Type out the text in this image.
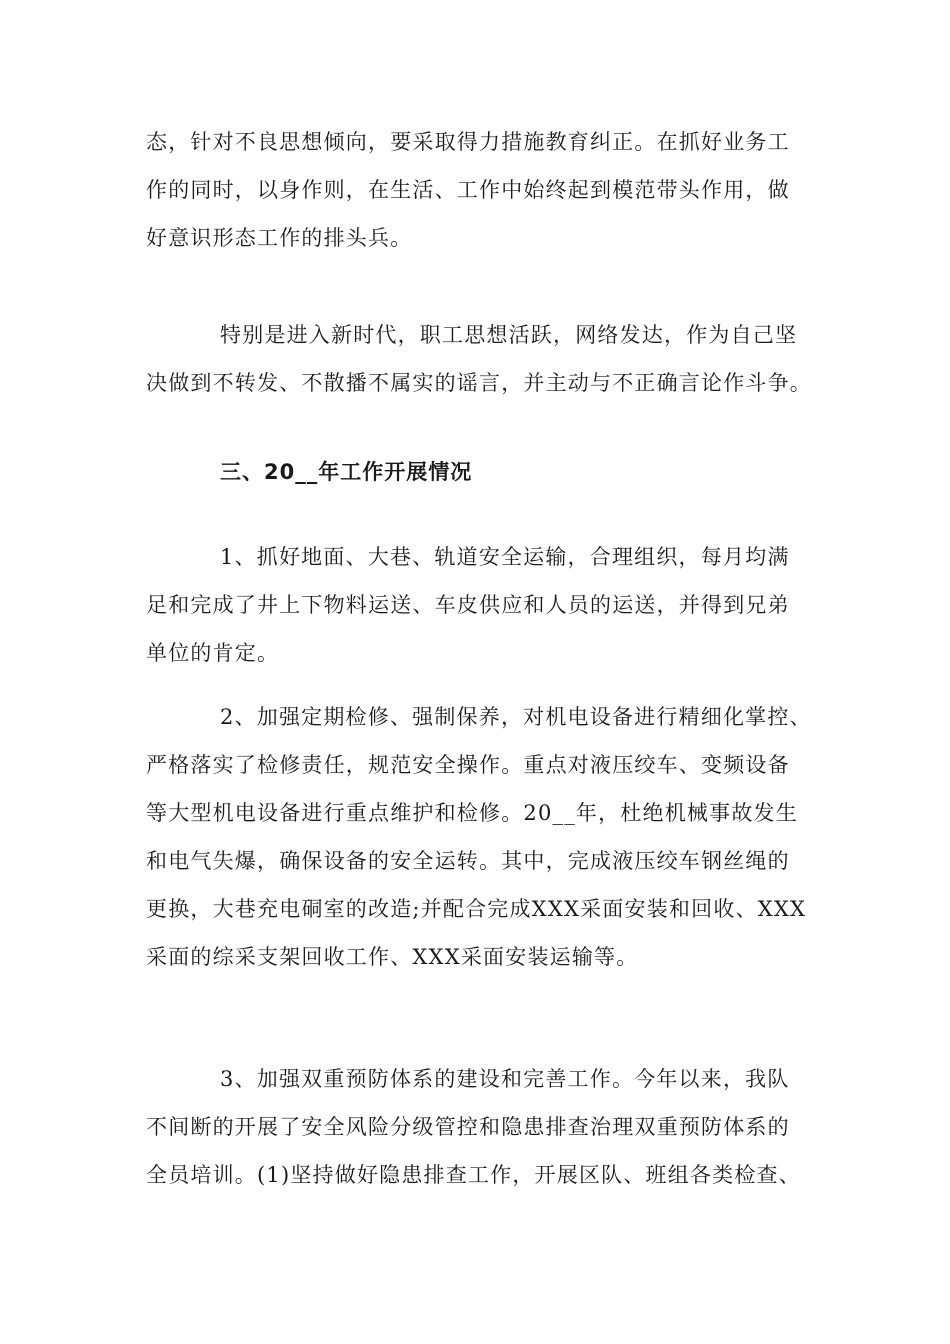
态，针对不良思想倾向，要采取得力措施教育纠正。在抓好业务工
作的同时，以身作则，在生活、工作中始终起到模范带头作用，做
好意识形态工作的排头兵。
特别是进入新时代，职工思想活跃，网络发达，作为自己坚
决做到不转发、不散播不属实的谣言，并主动与不正确言论作斗争。
三、20__年工作开展情况
1、抓好地面、大巷、轨道安全运输，合理组织，每月均满
足和完成了井上下物料运送、车皮供应和人员的运送，并得到兄弟
单位的肯定。
2、加强定期检修、强制保养，对机电设备进行精细化掌控、
严格落实了检修责任，规范安全操作。重点对液压绞车、变频设备
等大型机电设备进行重点维护和检修。20__年，杜绝机械事故发生
和电气失爆，确保设备的安全运转。其中，完成液压绞车钢丝绳的
更换，大巷充电硐室的改造;并配合完成XXX采面安装和回收、XXX
采面的综采支架回收工作、XXX采面安装运输等。
3、加强双重预防体系的建设和完善工作。今年以来，我队
不间断的开展了安全风险分级管控和隐患排查治理双重预防体系的
全员培训。(1)坚持做好隐患排查工作，开展区队、班组各类检查、
